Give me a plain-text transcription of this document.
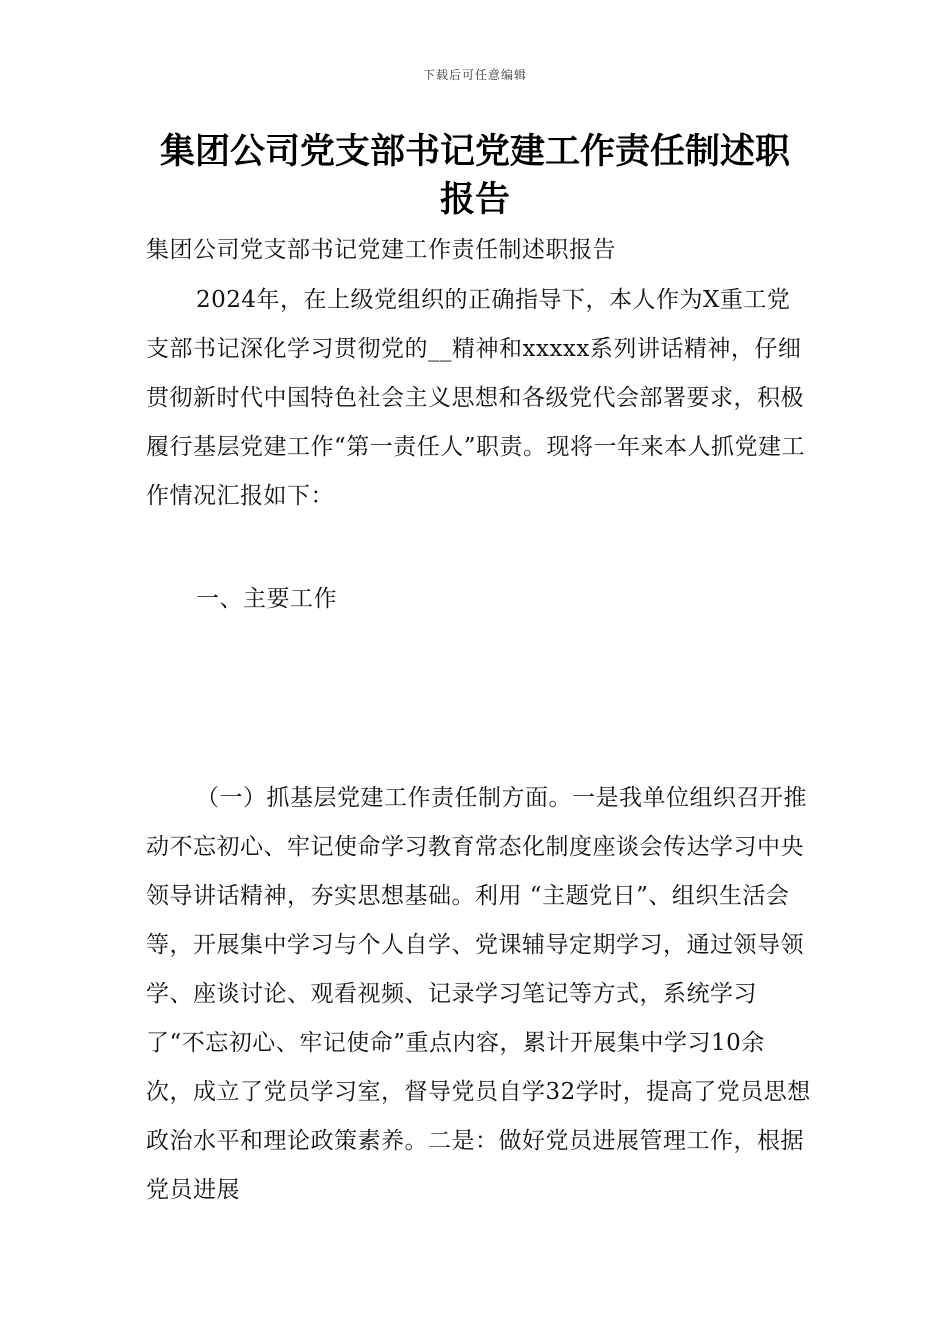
下载后可任意编辑
集团公司党支部书记党建工作责任制述职
报告

集团公司党支部书记党建工作责任制述职报告

2024年，在上级党组织的正确指导下，本人作为X重工党支部书记深化学习贯彻党的__精神和xxxxx系列讲话精神，仔细贯彻新时代中国特色社会主义思想和各级党代会部署要求，积极履行基层党建工作“第一责任人”职责。现将一年来本人抓党建工作情况汇报如下：

一、主要工作

（一）抓基层党建工作责任制方面。一是我单位组织召开推动不忘初心、牢记使命学习教育常态化制度座谈会传达学习中央领导讲话精神，夯实思想基础。利用 “主题党日”、组织生活会等，开展集中学习与个人自学、党课辅导定期学习，通过领导领学、座谈讨论、观看视频、记录学习笔记等方式，系统学习了“不忘初心、牢记使命”重点内容，累计开展集中学习10余次，成立了党员学习室，督导党员自学32学时，提高了党员思想政治水平和理论政策素养。二是：做好党员进展管理工作，根据党员进展
